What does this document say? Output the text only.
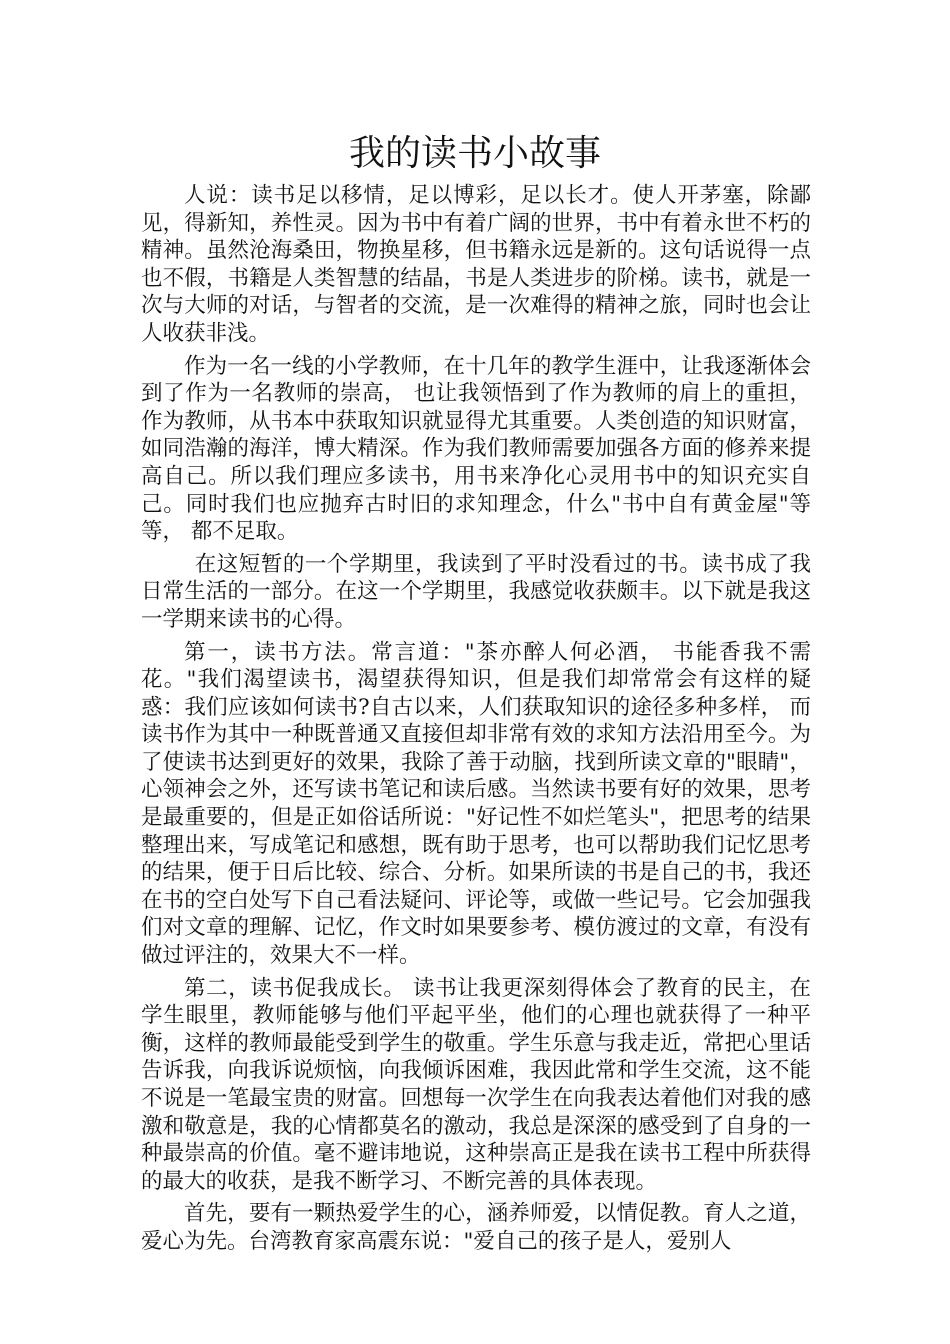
我的读书小故事

人说：读书足以移情，足以博彩，足以长才。使人开茅塞，除鄙见，得新知，养性灵。因为书中有着广阔的世界，书中有着永世不朽的精神。虽然沧海桑田，物换星移，但书籍永远是新的。这句话说得一点也不假，书籍是人类智慧的结晶，书是人类进步的阶梯。读书，就是一次与大师的对话，与智者的交流，是一次难得的精神之旅，同时也会让人收获非浅。

作为一名一线的小学教师，在十几年的教学生涯中，让我逐渐体会到了作为一名教师的崇高， 也让我领悟到了作为教师的肩上的重担，作为教师，从书本中获取知识就显得尤其重要。人类创造的知识财富，如同浩瀚的海洋，博大精深。作为我们教师需要加强各方面的修养来提高自己。所以我们理应多读书，用书来净化心灵用书中的知识充实自己。同时我们也应抛弃古时旧的求知理念，什么"书中自有黄金屋"等等， 都不足取。

在这短暂的一个学期里，我读到了平时没看过的书。读书成了我日常生活的一部分。在这一个学期里，我感觉收获颇丰。以下就是我这一学期来读书的心得。

第一，读书方法。常言道："茶亦醉人何必酒， 书能香我不需花。"我们渴望读书，渴望获得知识，但是我们却常常会有这样的疑惑：我们应该如何读书?自古以来，人们获取知识的途径多种多样， 而读书作为其中一种既普通又直接但却非常有效的求知方法沿用至今。为了使读书达到更好的效果，我除了善于动脑，找到所读文章的"眼睛"，心领神会之外，还写读书笔记和读后感。当然读书要有好的效果，思考是最重要的，但是正如俗话所说："好记性不如烂笔头"，把思考的结果整理出来，写成笔记和感想，既有助于思考，也可以帮助我们记忆思考的结果，便于日后比较、综合、分析。如果所读的书是自己的书，我还在书的空白处写下自己看法疑问、评论等，或做一些记号。它会加强我们对文章的理解、记忆，作文时如果要参考、模仿渡过的文章，有没有做过评注的，效果大不一样。

第二，读书促我成长。 读书让我更深刻得体会了教育的民主，在学生眼里，教师能够与他们平起平坐，他们的心理也就获得了一种平衡，这样的教师最能受到学生的敬重。学生乐意与我走近，常把心里话告诉我，向我诉说烦恼，向我倾诉困难，我因此常和学生交流，这不能不说是一笔最宝贵的财富。回想每一次学生在向我表达着他们对我的感激和敬意是，我的心情都莫名的激动，我总是深深的感受到了自身的一种最崇高的价值。毫不避讳地说，这种崇高正是我在读书工程中所获得的最大的收获，是我不断学习、不断完善的具体表现。

首先，要有一颗热爱学生的心，涵养师爱，以情促教。育人之道，爱心为先。台湾教育家高震东说："爱自己的孩子是人，爱别人
